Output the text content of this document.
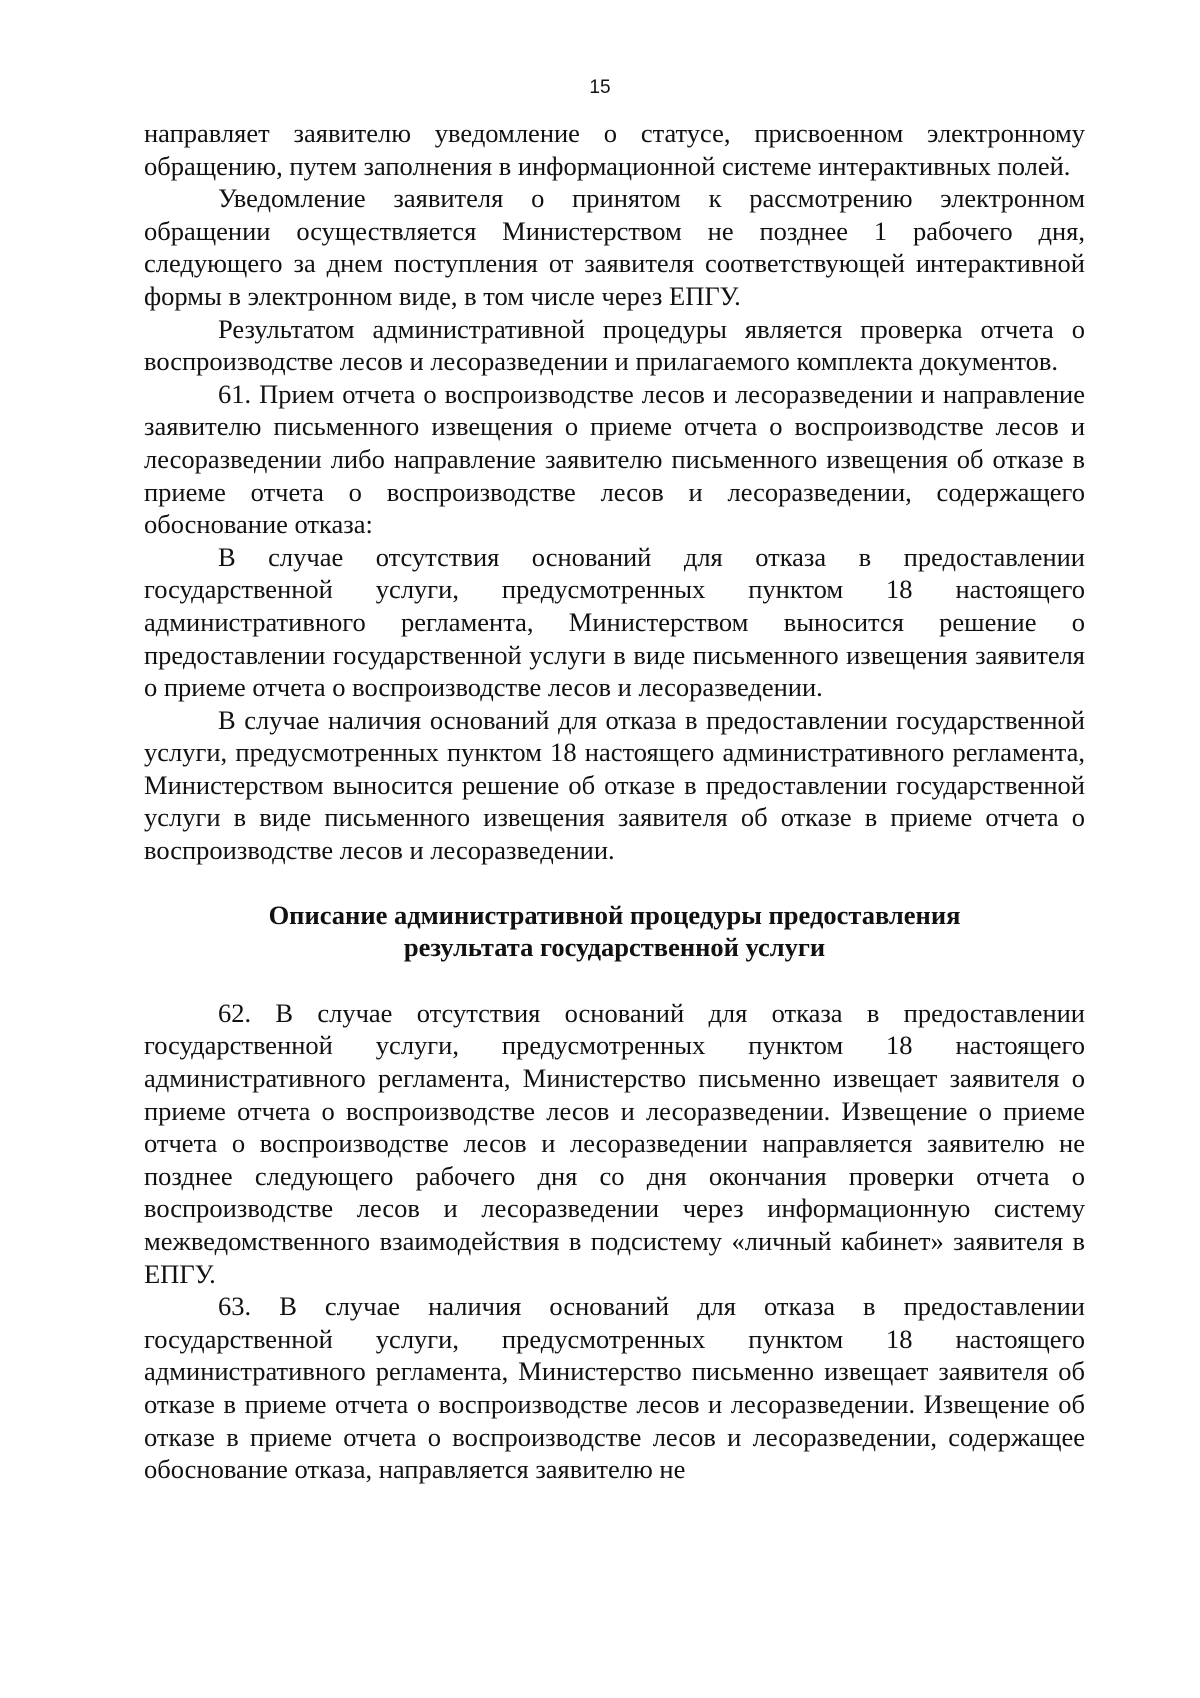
15

направляет заявителю уведомление о статусе, присвоенном электронному обращению, путем заполнения в информационной системе интерактивных полей.

Уведомление заявителя о принятом к рассмотрению электронном обращении осуществляется Министерством не позднее 1 рабочего дня, следующего за днем поступления от заявителя соответствующей интерактивной формы в электронном виде, в том числе через ЕПГУ.

Результатом административной процедуры является проверка отчета о воспроизводстве лесов и лесоразведении и прилагаемого комплекта документов.

61. Прием отчета о воспроизводстве лесов и лесоразведении и направление заявителю письменного извещения о приеме отчета о воспроизводстве лесов и лесоразведении либо направление заявителю письменного извещения об отказе в приеме отчета о воспроизводстве лесов и лесоразведении, содержащего обоснование отказа:

В случае отсутствия оснований для отказа в предоставлении государственной услуги, предусмотренных пунктом 18 настоящего административного регламента, Министерством выносится решение о предоставлении государственной услуги в виде письменного извещения заявителя о приеме отчета о воспроизводстве лесов и лесоразведении.

В случае наличия оснований для отказа в предоставлении государственной услуги, предусмотренных пунктом 18 настоящего административного регламента, Министерством выносится решение об отказе в предоставлении государственной услуги в виде письменного извещения заявителя об отказе в приеме отчета о воспроизводстве лесов и лесоразведении.

Описание административной процедуры предоставления
результата государственной услуги

62. В случае отсутствия оснований для отказа в предоставлении государственной услуги, предусмотренных пунктом 18 настоящего административного регламента, Министерство письменно извещает заявителя о приеме отчета о воспроизводстве лесов и лесоразведении. Извещение о приеме отчета о воспроизводстве лесов и лесоразведении направляется заявителю не позднее следующего рабочего дня со дня окончания проверки отчета о воспроизводстве лесов и лесоразведении через информационную систему межведомственного взаимодействия в подсистему «личный кабинет» заявителя в ЕПГУ.

63. В случае наличия оснований для отказа в предоставлении государственной услуги, предусмотренных пунктом 18 настоящего административного регламента, Министерство письменно извещает заявителя об отказе в приеме отчета о воспроизводстве лесов и лесоразведении. Извещение об отказе в приеме отчета о воспроизводстве лесов и лесоразведении, содержащее обоснование отказа, направляется заявителю не
